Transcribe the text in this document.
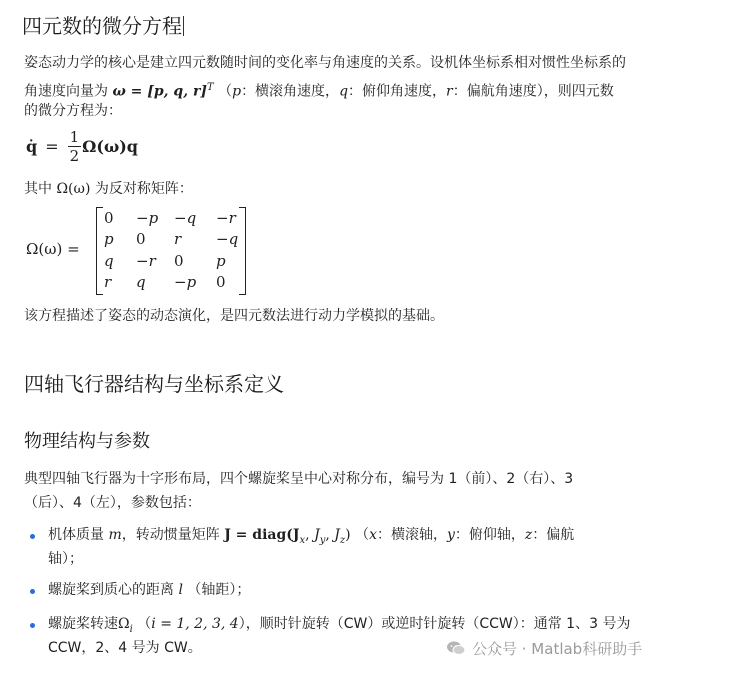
四元数的微分方程
姿态动力学的核心是建立四元数随时间的变化率与角速度的关系。设机体坐标系相对惯性坐标系的
角速度向量为 ω = [p, q, r]$^T$ （p：横滚角速度，q：俯仰角速度，r：偏航角速度），则四元数
的微分方程为：
q̇ = $\frac{1}{2} \Omega(\omega)q$
其中 Ω(ω) 为反对称矩阵：
Ω(ω) =
0	−p	−q	−r
p	0	r	−q
q	−r	0	p
r	q	−p	0
该方程描述了姿态的动态演化，是四元数法进行动力学模拟的基础。
四轴飞行器结构与坐标系定义
物理结构与参数
典型四轴飞行器为十字形布局，四个螺旋桨呈中心对称分布，编号为 1（前）、2（右）、3
（后）、4（左），参数包括：
机体质量 m，转动惯量矩阵 $J = diag(J_x$, $J_y$, $J_z$) （x：横滚轴，y：俯仰轴，z：偏航
轴）；
螺旋桨到质心的距离 l （轴距）；
螺旋桨转速$\Omega_i$ （i = 1, 2, 3, 4），顺时针旋转（CW）或逆时针旋转（CCW）：通常 1、3 号为
CCW，2、4 号为 CW。	公众号 · Matlab科研助手
